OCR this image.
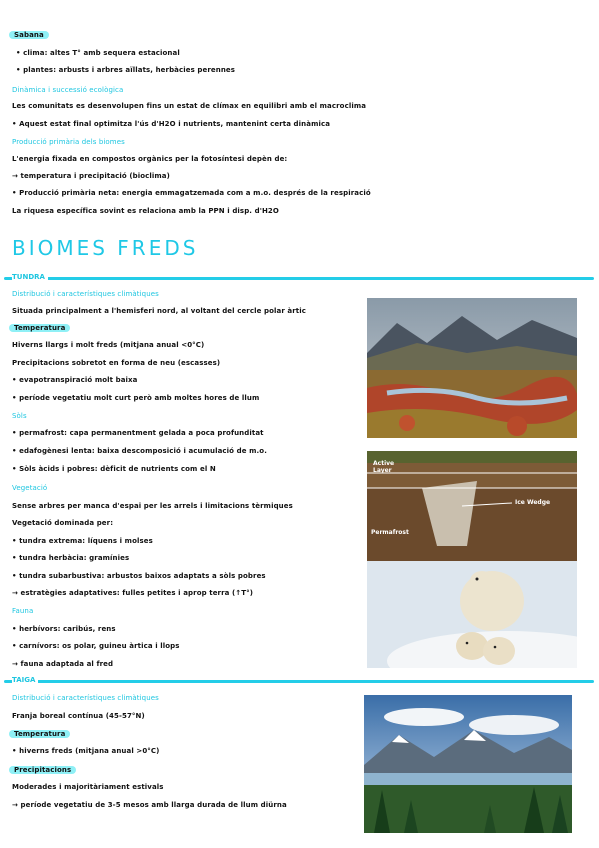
Sabana
• clima: altes T° amb sequera estacional
• plantes: arbusts i arbres aïllats, herbàcies perennes
Dinàmica i successió ecològica
Les comunitats es desenvolupen fins un estat de clímax en equilibri amb el macroclima
• Aquest estat final optimitza l'ús d'H2O i nutrients, mantenint certa dinàmica
Producció primària dels biomes
L'energia fixada en compostos orgànics per la fotosíntesi depèn de:
→ temperatura i precipitació (bioclima)
• Producció primària neta: energia emmagatzemada com a m.o. després de la respiració
La riquesa específica sovint es relaciona amb la PPN i disp. d'H2O
BIOMES FREDS
TUNDRA
Distribució i característiques climàtiques
Situada principalment a l'hemisferi nord, al voltant del cercle polar àrtic
Temperatura
Hiverns llargs i molt freds (mitjana anual <0°C)
Precipitacions sobretot en forma de neu (escasses)
• evapotranspiració molt baixa
• període vegetatiu molt curt però amb moltes hores de llum
Sòls
• permafrost: capa permanentment gelada a poca profunditat
• edafogènesi lenta: baixa descomposició i acumulació de m.o.
• Sòls àcids i pobres: dèficit de nutrients com el N
Vegetació
Sense arbres per manca d'espai per les arrels i limitacions tèrmiques
Vegetació dominada per:
• tundra extrema: líquens i molses
• tundra herbàcia: gramínies
• tundra subarbustiva: arbustos baixos adaptats a sòls pobres
→ estratègies adaptatives: fulles petites i aprop terra (↑T°)
Fauna
• herbívors: caribús, rens
• carnívors: os polar, guineu àrtica i llops
→ fauna adaptada al fred
Active Layer
Ice Wedge
Permafrost
TAIGA
Distribució i característiques climàtiques
Franja boreal contínua (45-57°N)
Temperatura
• hiverns freds (mitjana anual >0°C)
Precipitacions
Moderades i majoritàriament estivals
→ període vegetatiu de 3-5 mesos amb llarga durada de llum diürna
